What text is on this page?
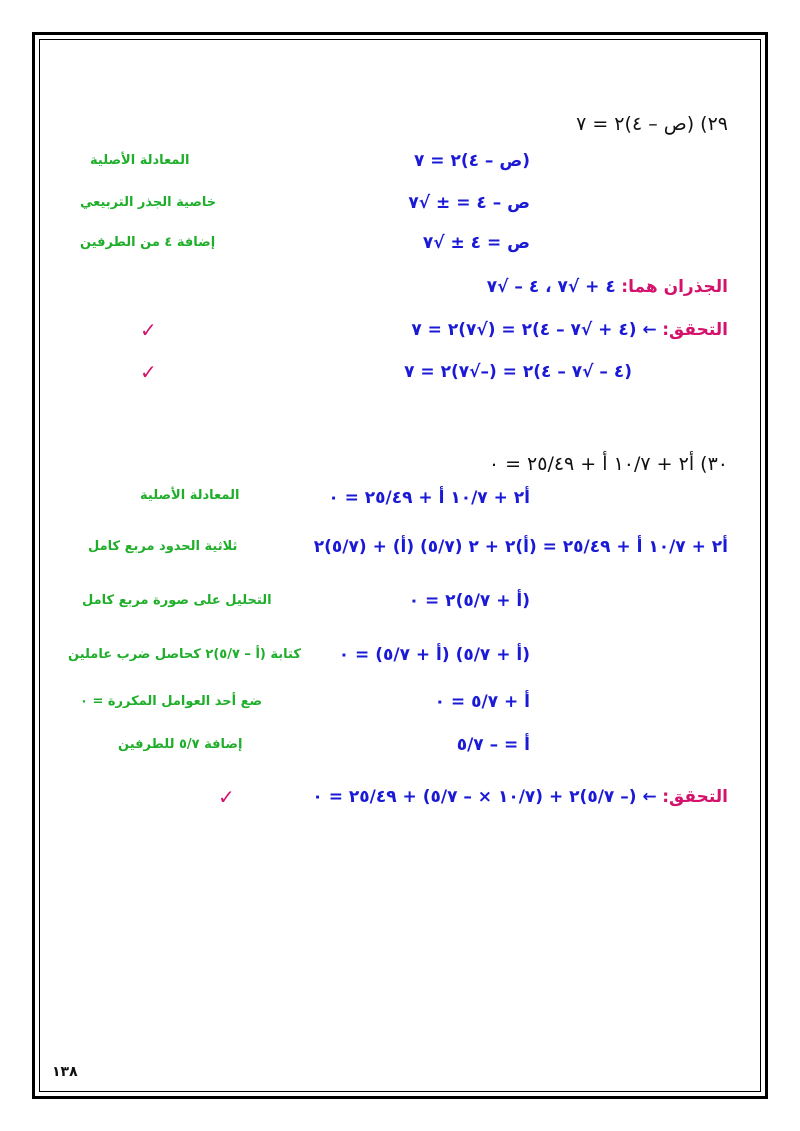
٢٩) (ص – ٤)٢ = ٧
(ص – ٤)٢ = ٧
المعادلة الأصلية
ص – ٤ = ± √٧
خاصية الجذر التربيعي
ص = ٤ ± √٧
إضافة ٤ من الطرفين
الجذران هما: ٤ + √٧ ، ٤ – √٧
التحقق: ← (٤ + √٧ – ٤)٢ = (√٧)٢ = ٧
✓
(٤ – √٧ – ٤)٢ = (–√٧)٢ = ٧
✓
٣٠) أ٢ + ١٠/٧ أ + ٢٥/٤٩ = ٠
أ٢ + ١٠/٧ أ + ٢٥/٤٩ = ٠
المعادلة الأصلية
أ٢ + ١٠/٧ أ + ٢٥/٤٩ = (أ)٢ + ٢ (٥/٧) (أ) + (٥/٧)٢
ثلاثية الحدود مربع كامل
(أ + ٥/٧)٢ = ٠
التحليل على صورة مربع كامل
(أ + ٥/٧) (أ + ٥/٧) = ٠
كتابة (أ – ٥/٧)٢ كحاصل ضرب عاملين
أ + ٥/٧ = ٠
ضع أحد العوامل المكررة = ٠
أ = – ٥/٧
إضافة ٥/٧ للطرفين
التحقق: ← (– ٥/٧)٢ + (١٠/٧ × – ٥/٧) + ٢٥/٤٩ = ٠
✓
١٣٨
